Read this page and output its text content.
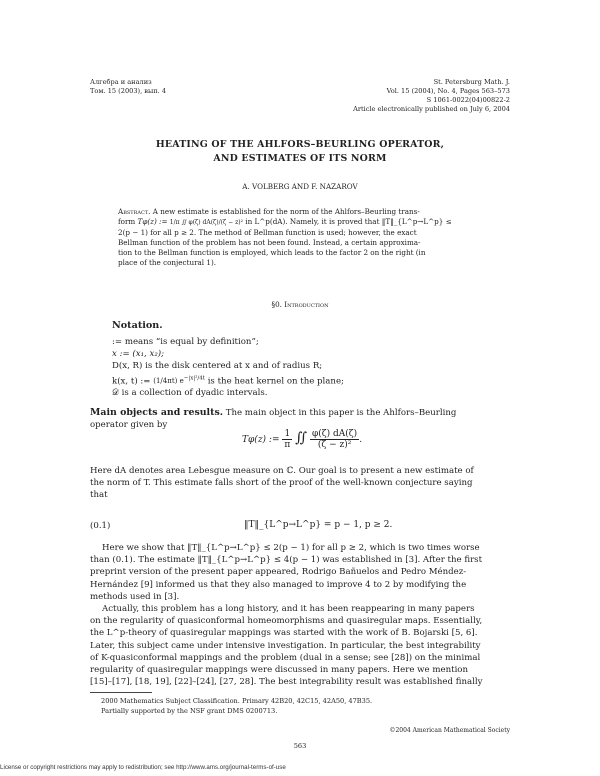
Алгебра и анализ
Том. 15 (2003), вып. 4
St. Petersburg Math. J.
Vol. 15 (2004), No. 4, Pages 563–573
S 1061-0022(04)00822-2
Article electronically published on July 6, 2004
HEATING OF THE AHLFORS–BEURLING OPERATOR,
AND ESTIMATES OF ITS NORM
A. VOLBERG AND F. NAZAROV
Abstract. A new estimate is established for the norm of the Ahlfors–Beurling trans-
form Tφ(z) := 1/π ∬ φ(ζ) dA(ζ)/(ζ − z)² in L^p(dA). Namely, it is proved that ‖T‖_{L^p→L^p} ≤
2(p − 1) for all p ≥ 2. The method of Bellman function is used; however, the exact
Bellman function of the problem has not been found. Instead, a certain approxima-
tion to the Bellman function is employed, which leads to the factor 2 on the right (in
place of the conjectural 1).
§0. Introduction
Notation.
:= means “is equal by definition”;
x := (x₁, x₂);
D(x, R) is the disk centered at x and of radius R;
k(x, t) := (1/4πt) $e^{-|x|^2/4t}$ is the heat kernel on the plane;
𝒟 is a collection of dyadic intervals.
Main objects and results. The main object in this paper is the Ahlfors–Beurling
operator given by
Tφ(z) := $\frac{1}{\pi}$ ∬ $\frac{\varphi(\zeta) dA(\zeta)}{\text{(ζ − z)²}}$ .
Here dA denotes area Lebesgue measure on ℂ. Our goal is to present a new estimate of
the norm of T. This estimate falls short of the proof of the well-known conjecture saying
that
(0.1)	‖T‖_{L^p→L^p} = p − 1, p ≥ 2.
Here we show that ‖T‖_{L^p→L^p} ≤ 2(p − 1) for all p ≥ 2, which is two times worse
than (0.1). The estimate ‖T‖_{L^p→L^p} ≤ 4(p − 1) was established in [3]. After the first
preprint version of the present paper appeared, Rodrigo Bañuelos and Pedro Méndez-
Hernández [9] informed us that they also managed to improve 4 to 2 by modifying the
methods used in [3].
Actually, this problem has a long history, and it has been reappearing in many papers
on the regularity of quasiconformal homeomorphisms and quasiregular maps. Essentially,
the L^p-theory of quasiregular mappings was started with the work of B. Bojarski [5, 6].
Later, this subject came under intensive investigation. In particular, the best integrability
of K-quasiconformal mappings and the problem (dual in a sense; see [28]) on the minimal
regularity of quasiregular mappings were discussed in many papers. Here we mention
[15]–[17], [18, 19], [22]–[24], [27, 28]. The best integrability result was established finally
2000 Mathematics Subject Classification. Primary 42B20, 42C15, 42A50, 47B35.
Partially supported by the NSF grant DMS 0200713.
©2004 American Mathematical Society
563
License or copyright restrictions may apply to redistribution; see http://www.ams.org/journal-terms-of-use
